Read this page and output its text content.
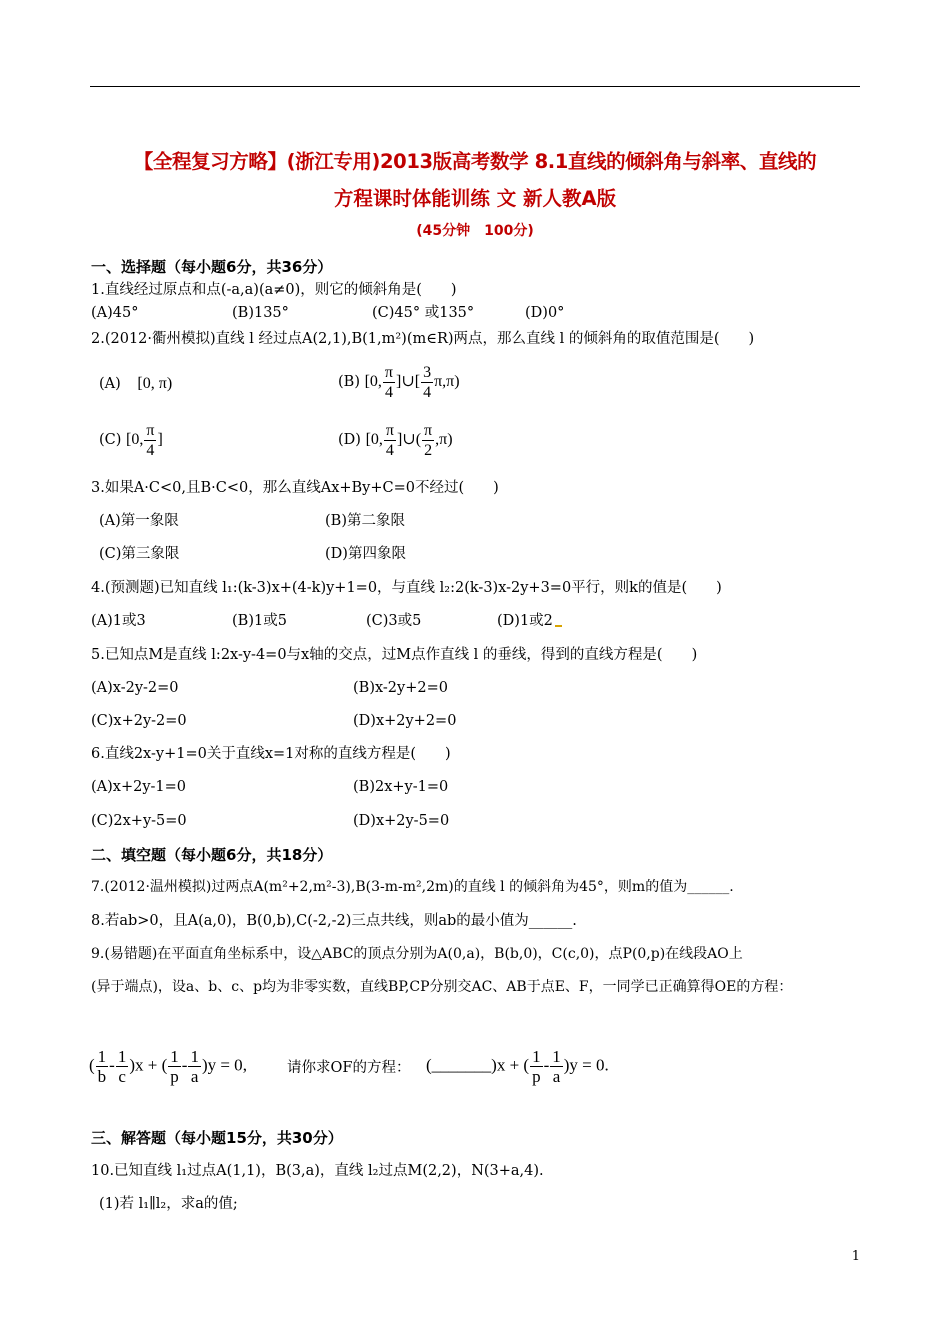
【全程复习方略】(浙江专用)2013版高考数学 8.1直线的倾斜角与斜率、直线的
方程课时体能训练 文 新人教A版
(45分钟　100分)
一、选择题（每小题6分，共36分）
1.直线经过原点和点(-a,a)(a≠0)，则它的倾斜角是(　　)
(A)45°	(B)135°	(C)45° 或135°	(D)0°
2.(2012·衢州模拟)直线 l 经过点A(2,1),B(1,m²)(m∈R)两点，那么直线 l 的倾斜角的取值范围是(　　)
(A) [0, π)	(B) [0, $\frac{\pi}{4}$ ]∪[ $\frac{3}{4} \pi,\pi$)
(C) [0, $\frac{\pi}{4}$ ]	(D) [0, $\frac{\pi}{4}$ ]∪( $\frac{\pi}{2} ,\pi$)
3.如果A·C<0,且B·C<0，那么直线Ax+By+C=0不经过(　　)
(A)第一象限	(B)第二象限
(C)第三象限	(D)第四象限
4.(预测题)已知直线 l₁:(k-3)x+(4-k)y+1=0，与直线 l₂:2(k-3)x-2y+3=0平行，则k的值是(　　)
(A)1或3	(B)1或5	(C)3或5	(D)1或2
5.已知点M是直线 l:2x-y-4=0与x轴的交点，过M点作直线 l 的垂线，得到的直线方程是(　　)
(A)x-2y-2=0	(B)x-2y+2=0
(C)x+2y-2=0	(D)x+2y+2=0
6.直线2x-y+1=0关于直线x=1对称的直线方程是(　　)
(A)x+2y-1=0	(B)2x+y-1=0
(C)2x+y-5=0	(D)x+2y-5=0
二、填空题（每小题6分，共18分）
7.(2012·温州模拟)过两点A(m²+2,m²-3),B(3-m-m²,2m)的直线 l 的倾斜角为45°，则m的值为______.
8.若ab>0，且A(a,0)，B(0,b),C(-2,-2)三点共线，则ab的最小值为______.
9.(易错题)在平面直角坐标系中，设△ABC的顶点分别为A(0,a)，B(b,0)，C(c,0)，点P(0,p)在线段AO上
(异于端点)，设a、b、c、p均为非零实数，直线BP,CP分别交AC、AB于点E、F，一同学已正确算得OE的方程：
( $\frac{1}{b} - \frac{1}{c} )x$ + ( $\frac{1}{p} - \frac{1}{a} )y = 0$,	请你求OF的方程： (_______)x + ( $\frac{1}{p} - \frac{1}{a} )y = 0$.
三、解答题（每小题15分，共30分）
10.已知直线 l₁过点A(1,1)，B(3,a)，直线 l₂过点M(2,2)，N(3+a,4).
(1)若 l₁∥l₂，求a的值;
1
